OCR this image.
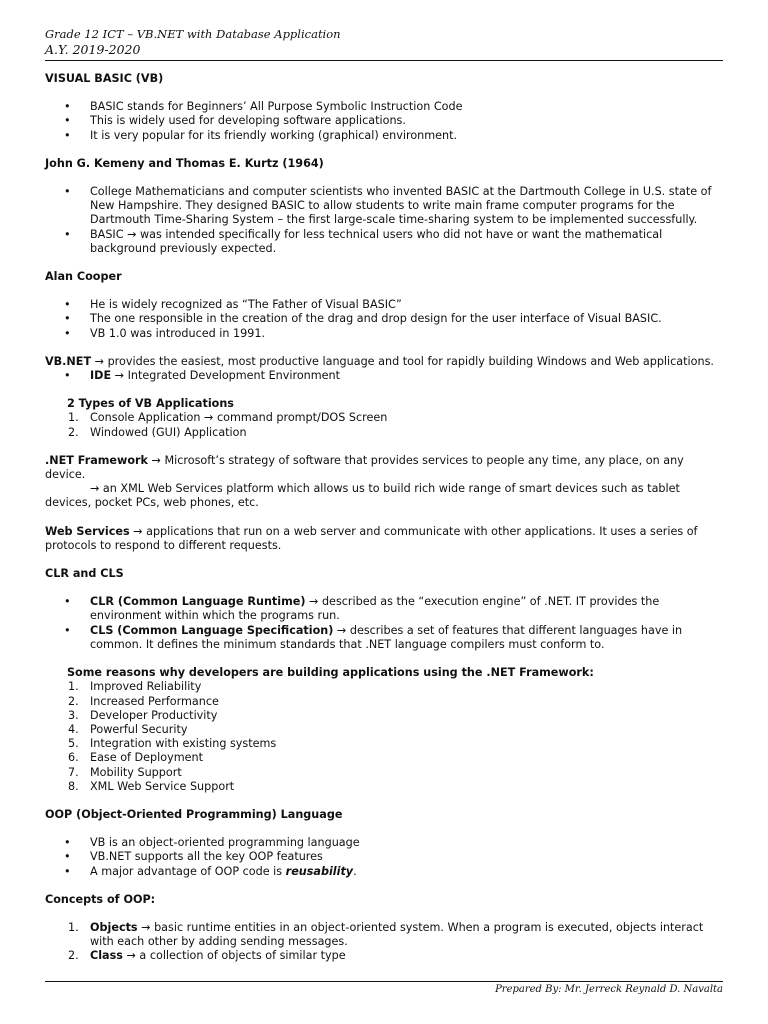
Grade 12 ICT – VB.NET with Database Application
A.Y. 2019-2020

VISUAL BASIC (VB)

• BASIC stands for Beginners’ All Purpose Symbolic Instruction Code
• This is widely used for developing software applications.
• It is very popular for its friendly working (graphical) environment.

John G. Kemeny and Thomas E. Kurtz (1964)

• College Mathematicians and computer scientists who invented BASIC at the Dartmouth College in U.S. state of New Hampshire. They designed BASIC to allow students to write main frame computer programs for the Dartmouth Time-Sharing System – the first large-scale time-sharing system to be implemented successfully.
• BASIC → was intended specifically for less technical users who did not have or want the mathematical background previously expected.

Alan Cooper

• He is widely recognized as “The Father of Visual BASIC”
• The one responsible in the creation of the drag and drop design for the user interface of Visual BASIC.
• VB 1.0 was introduced in 1991.

VB.NET → provides the easiest, most productive language and tool for rapidly building Windows and Web applications.

• IDE → Integrated Development Environment

2 Types of VB Applications

1. Console Application → command prompt/DOS Screen
2. Windowed (GUI) Application

.NET Framework → Microsoft’s strategy of software that provides services to people any time, any place, on any device.

→ an XML Web Services platform which allows us to build rich wide range of smart devices such as tablet

devices, pocket PCs, web phones, etc.

Web Services → applications that run on a web server and communicate with other applications. It uses a series of protocols to respond to different requests.

CLR and CLS

• CLR (Common Language Runtime) → described as the “execution engine” of .NET. IT provides the environment within which the programs run.
• CLS (Common Language Specification) → describes a set of features that different languages have in common. It defines the minimum standards that .NET language compilers must conform to.

Some reasons why developers are building applications using the .NET Framework:

1. Improved Reliability
2. Increased Performance
3. Developer Productivity
4. Powerful Security
5. Integration with existing systems
6. Ease of Deployment
7. Mobility Support
8. XML Web Service Support

OOP (Object-Oriented Programming) Language

• VB is an object-oriented programming language
• VB.NET supports all the key OOP features
• A major advantage of OOP code is reusability.

Concepts of OOP:

1. Objects → basic runtime entities in an object-oriented system. When a program is executed, objects interact with each other by adding sending messages.
2. Class → a collection of objects of similar type
Prepared By: Mr. Jerreck Reynald D. Navalta
